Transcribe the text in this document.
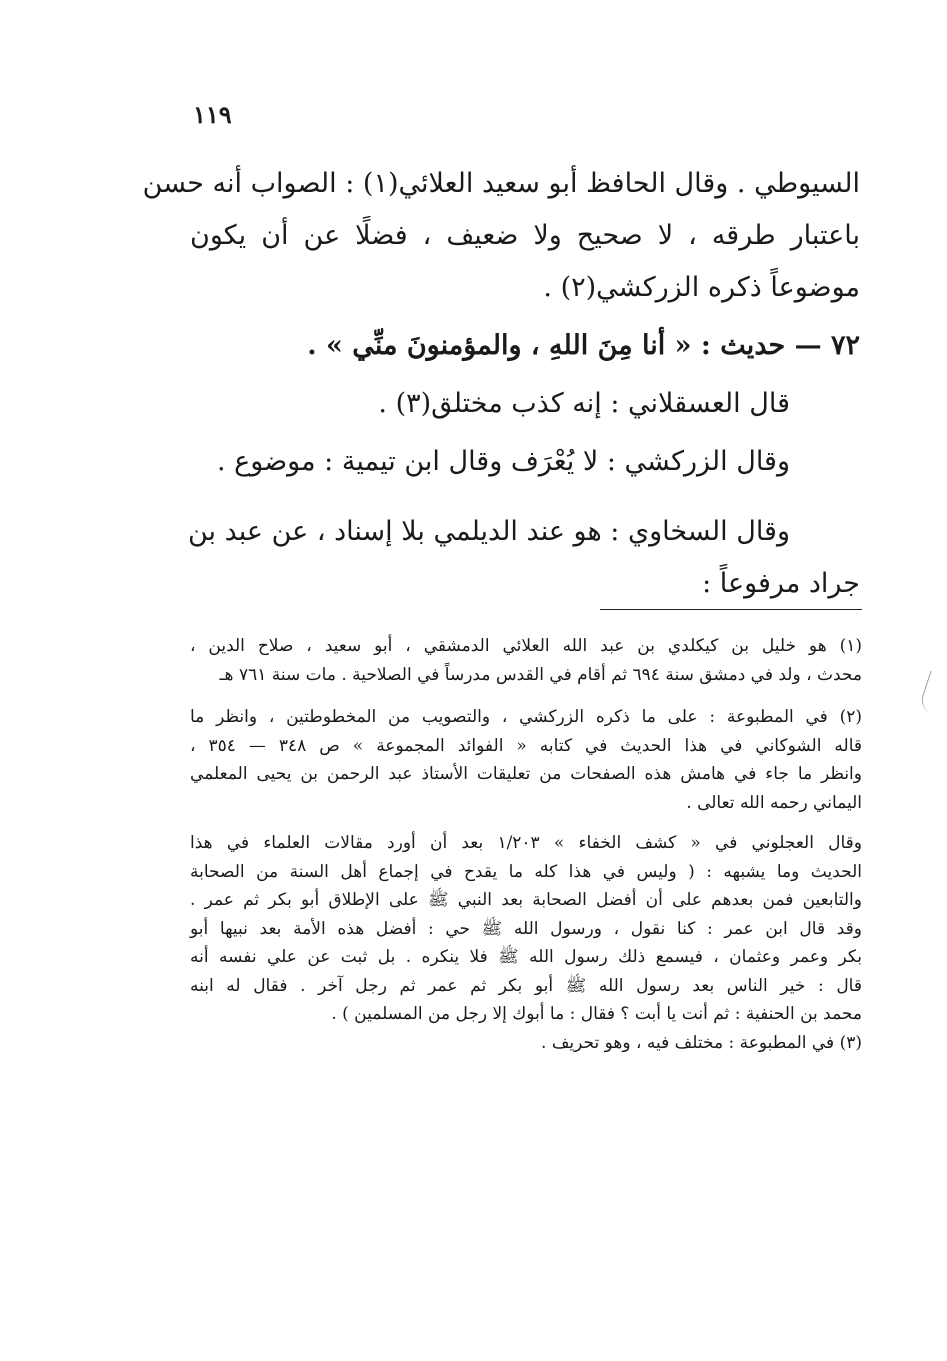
١١٩
السيوطي . وقال الحافظ أبو سعيد العلائي(١) : الصواب أنه حسن
باعتبار طرقه ، لا صحيح ولا ضعيف ، فضلًا عن أن يكون
موضوعاً ذكره الزركشي(٢) .
٧٢ — حديث : « أنا مِنَ اللهِ ، والمؤمنونَ منِّي » .
قال العسقلاني : إنه كذب مختلق(٣) .
وقال الزركشي : لا يُعْرَف وقال ابن تيمية : موضوع .
وقال السخاوي : هو عند الديلمي بلا إسناد ، عن عبد بن
جراد مرفوعاً :
(١) هو خليل بن كيكلدي بن عبد الله العلائي الدمشقي ، أبو سعيد ، صلاح الدين ،
محدث ، ولد في دمشق سنة ٦٩٤ ثم أقام في القدس مدرساً في الصلاحية . مات سنة ٧٦١ هـ
(٢) في المطبوعة : على ما ذكره الزركشي ، والتصويب من المخطوطتين ، وانظر ما
قاله الشوكاني في هذا الحديث في كتابه « الفوائد المجموعة » ص ٣٤٨ — ٣٥٤ ،
وانظر ما جاء في هامش هذه الصفحات من تعليقات الأستاذ عبد الرحمن بن يحيى المعلمي
اليماني رحمه الله تعالى .
وقال العجلوني في « كشف الخفاء » ١/٢٠٣ بعد أن أورد مقالات العلماء في هذا
الحديث وما يشبهه : ( وليس في هذا كله ما يقدح في إجماع أهل السنة من الصحابة
والتابعين فمن بعدهم على أن أفضل الصحابة بعد النبي ﷺ على الإطلاق أبو بكر ثم عمر .
وقد قال ابن عمر : كنا نقول ، ورسول الله ﷺ حي : أفضل هذه الأمة بعد نبيها أبو
بكر وعمر وعثمان ، فيسمع ذلك رسول الله ﷺ فلا ينكره . بل ثبت عن علي نفسه أنه
قال : خير الناس بعد رسول الله ﷺ أبو بكر ثم عمر ثم رجل آخر . فقال له ابنه
محمد بن الحنفية : ثم أنت يا أبت ؟ فقال : ما أبوك إلا رجل من المسلمين ) .
(٣) في المطبوعة : مختلف فيه ، وهو تحريف .
